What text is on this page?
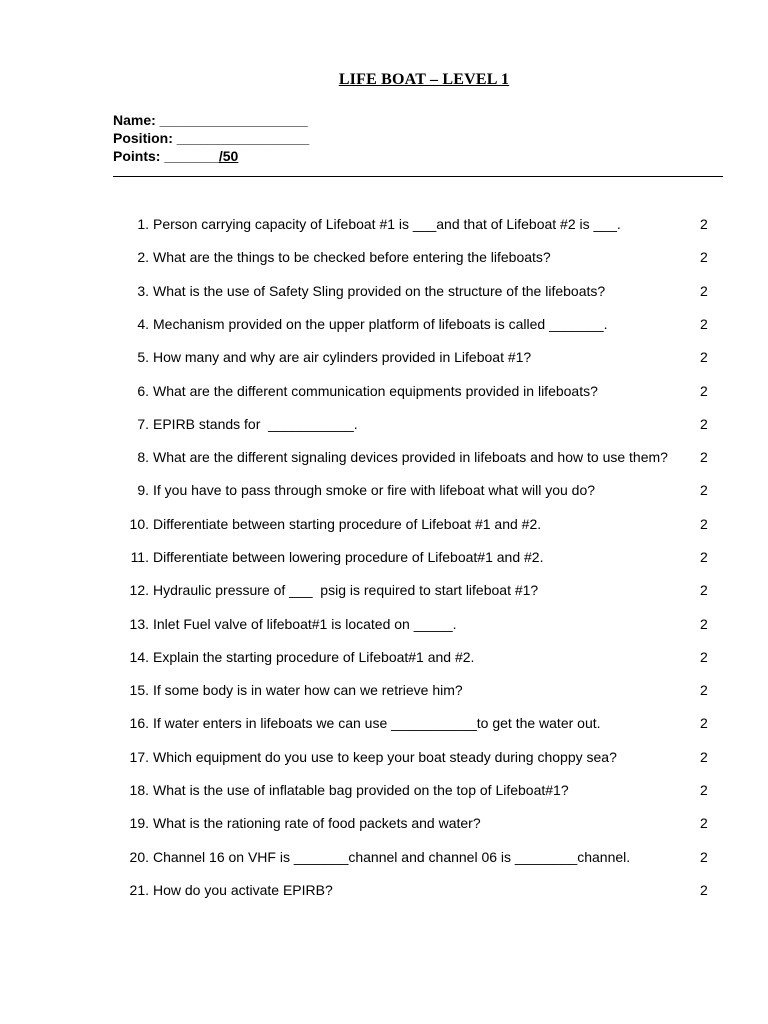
LIFE BOAT – LEVEL 1
Name: ___________________
Position: _________________
Points: _______/50
1. Person carrying capacity of Lifeboat #1 is ___and that of Lifeboat #2 is ___.	2
2. What are the things to be checked before entering the lifeboats?	2
3. What is the use of Safety Sling provided on the structure of the lifeboats?	2
4. Mechanism provided on the upper platform of lifeboats is called _______.	2
5. How many and why are air cylinders provided in Lifeboat #1?	2
6. What are the different communication equipments provided in lifeboats?	2
7. EPIRB stands for  ___________.	2
8. What are the different signaling devices provided in lifeboats and how to use them? 2
9. If you have to pass through smoke or fire with lifeboat what will you do?	2
10. Differentiate between starting procedure of Lifeboat #1 and #2.	2
11. Differentiate between lowering procedure of Lifeboat#1 and #2.	2
12. Hydraulic pressure of ___  psig is required to start lifeboat #1?	2
13. Inlet Fuel valve of lifeboat#1 is located on _____.	2
14. Explain the starting procedure of Lifeboat#1 and #2.	2
15. If some body is in water how can we retrieve him?	2
16. If water enters in lifeboats we can use ___________to get the water out.	2
17. Which equipment do you use to keep your boat steady during choppy sea?	2
18. What is the use of inflatable bag provided on the top of Lifeboat#1?	2
19. What is the rationing rate of food packets and water?	2
20. Channel 16 on VHF is _______channel and channel 06 is ________channel.	2
21. How do you activate EPIRB?	2
